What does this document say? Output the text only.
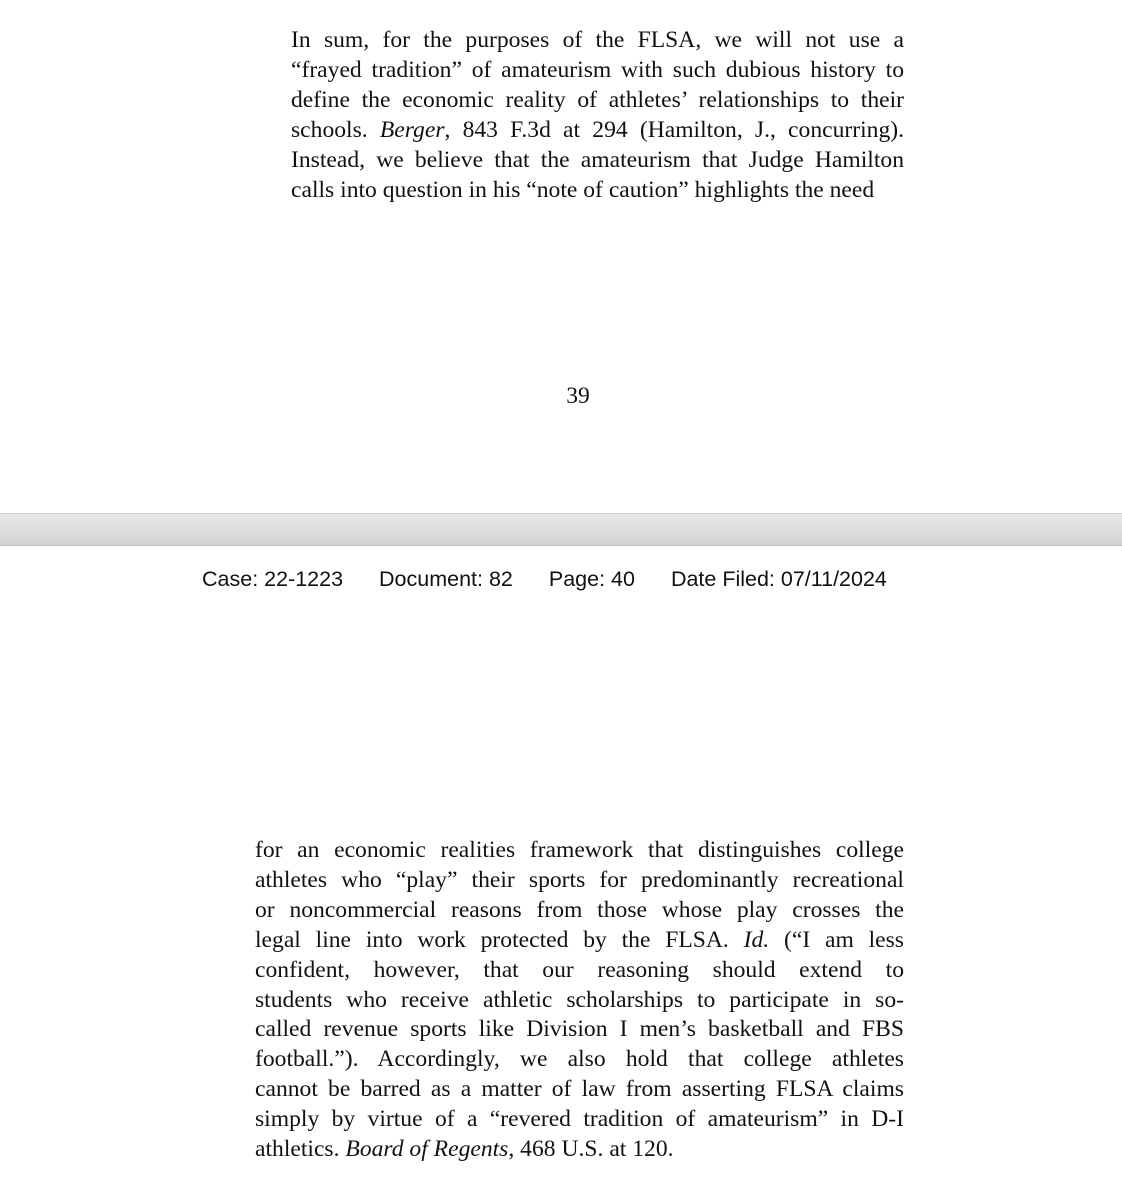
In sum, for the purposes of the FLSA, we will not use a
“frayed tradition” of amateurism with such dubious history to
define the economic reality of athletes’ relationships to their
schools. Berger, 843 F.3d at 294 (Hamilton, J., concurring).
Instead, we believe that the amateurism that Judge Hamilton
calls into question in his “note of caution” highlights the need
39
Case: 22-1223 Document: 82 Page: 40 Date Filed: 07/11/2024
for an economic realities framework that distinguishes college
athletes who “play” their sports for predominantly recreational
or noncommercial reasons from those whose play crosses the
legal line into work protected by the FLSA. Id. (“I am less
confident, however, that our reasoning should extend to
students who receive athletic scholarships to participate in so-
called revenue sports like Division I men’s basketball and FBS
football.”). Accordingly, we also hold that college athletes
cannot be barred as a matter of law from asserting FLSA claims
simply by virtue of a “revered tradition of amateurism” in D-I
athletics. Board of Regents, 468 U.S. at 120.
